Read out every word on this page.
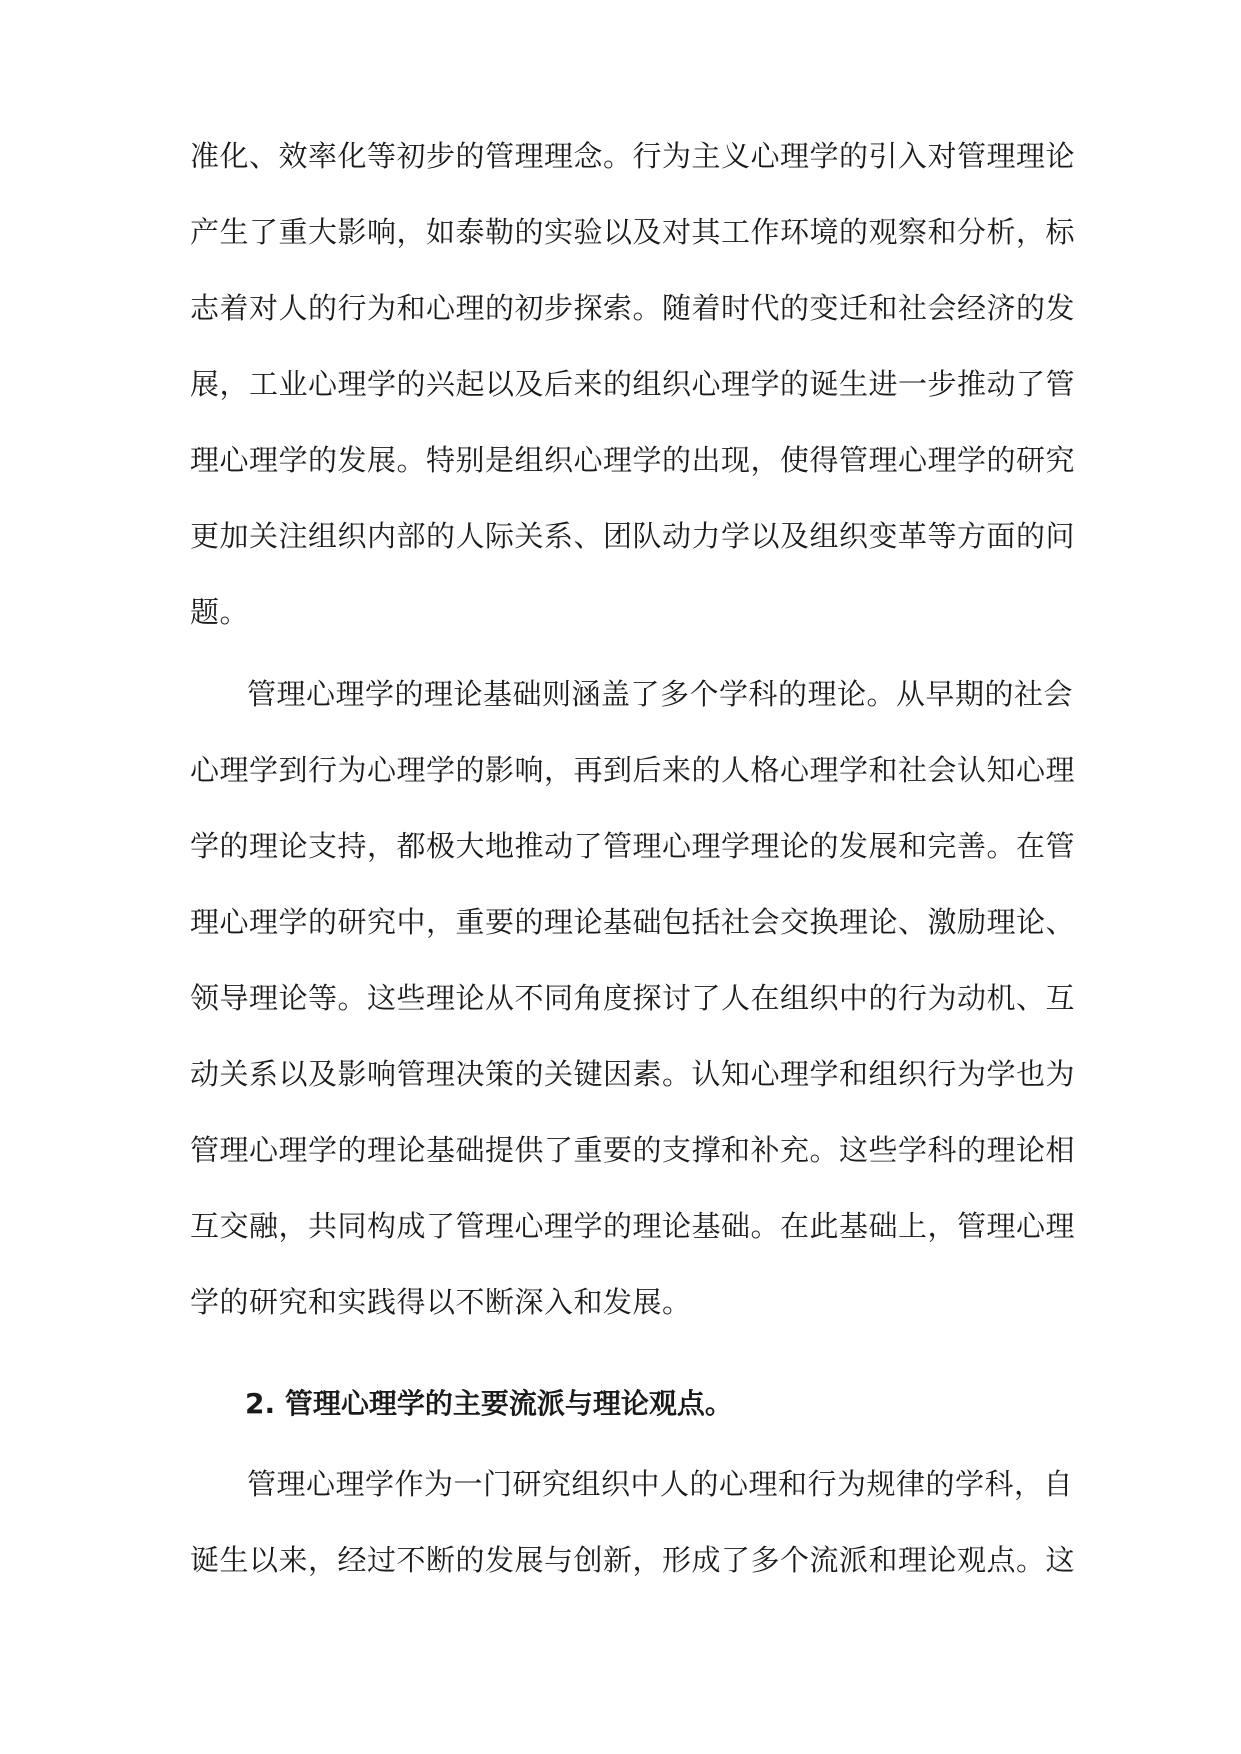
准化、效率化等初步的管理理念。行为主义心理学的引入对管理理论
产生了重大影响，如泰勒的实验以及对其工作环境的观察和分析，标
志着对人的行为和心理的初步探索。随着时代的变迁和社会经济的发
展，工业心理学的兴起以及后来的组织心理学的诞生进一步推动了管
理心理学的发展。特别是组织心理学的出现，使得管理心理学的研究
更加关注组织内部的人际关系、团队动力学以及组织变革等方面的问
题。
管理心理学的理论基础则涵盖了多个学科的理论。从早期的社会
心理学到行为心理学的影响，再到后来的人格心理学和社会认知心理
学的理论支持，都极大地推动了管理心理学理论的发展和完善。在管
理心理学的研究中，重要的理论基础包括社会交换理论、激励理论、
领导理论等。这些理论从不同角度探讨了人在组织中的行为动机、互
动关系以及影响管理决策的关键因素。认知心理学和组织行为学也为
管理心理学的理论基础提供了重要的支撑和补充。这些学科的理论相
互交融，共同构成了管理心理学的理论基础。在此基础上，管理心理
学的研究和实践得以不断深入和发展。
2. 管理心理学的主要流派与理论观点。
管理心理学作为一门研究组织中人的心理和行为规律的学科，自
诞生以来，经过不断的发展与创新，形成了多个流派和理论观点。这
